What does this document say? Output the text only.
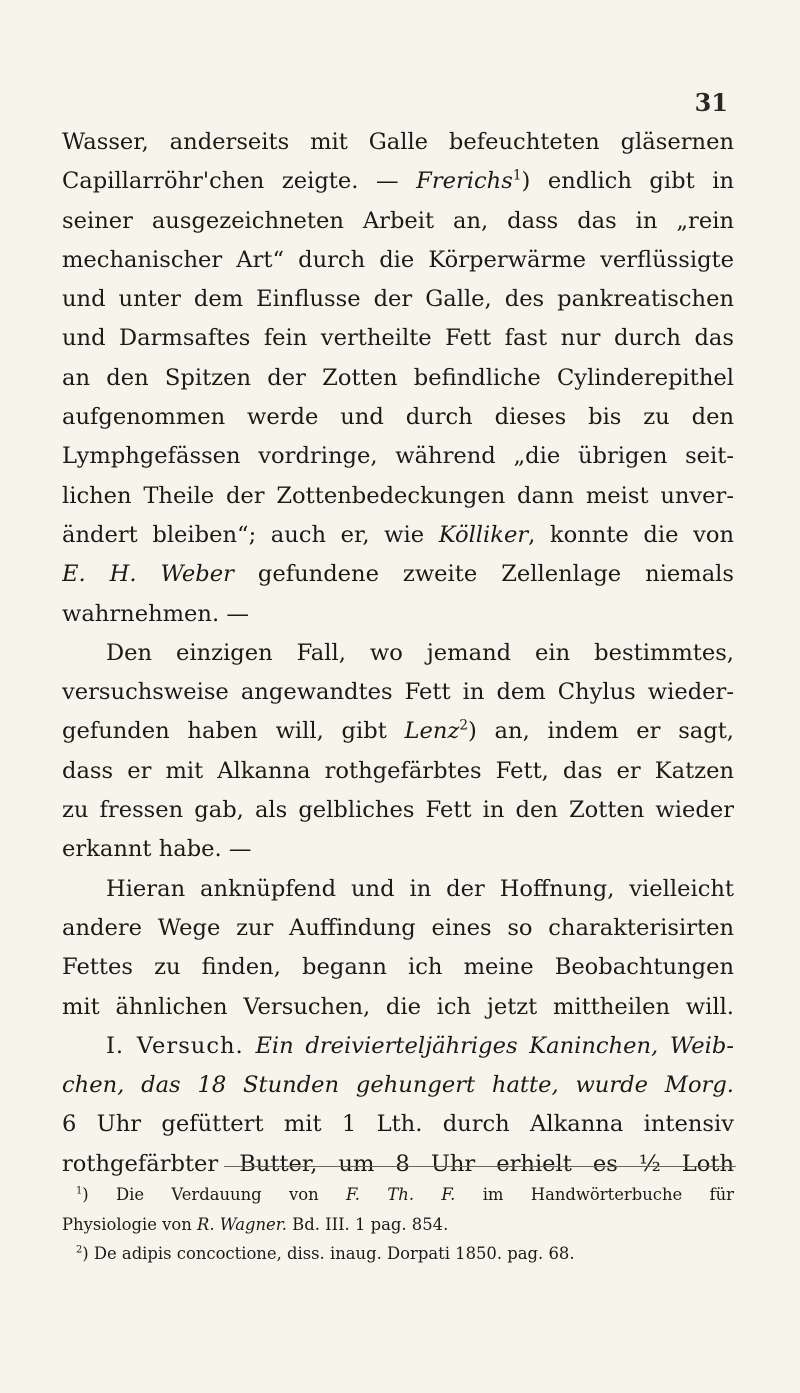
31
Wasser, anderseits mit Galle befeuchteten gläsernen
Capillarröhr'chen zeigte. — Frerichs$^1$) endlich gibt in
seiner ausgezeichneten Arbeit an, dass das in „rein
mechanischer Art“ durch die Körperwärme verflüssigte
und unter dem Einflusse der Galle, des pankreatischen
und Darmsaftes fein vertheilte Fett fast nur durch das
an den Spitzen der Zotten befindliche Cylinderepithel
aufgenommen werde und durch dieses bis zu den
Lymphgefässen vordringe, während „die übrigen seit-
lichen Theile der Zottenbedeckungen dann meist unver-
ändert bleiben“; auch er, wie Kölliker, konnte die von
E. H. Weber gefundene zweite Zellenlage niemals
wahrnehmen. —
Den einzigen Fall, wo jemand ein bestimmtes,
versuchsweise angewandtes Fett in dem Chylus wieder-
gefunden haben will, gibt Lenz$^2$) an, indem er sagt,
dass er mit Alkanna rothgefärbtes Fett, das er Katzen
zu fressen gab, als gelbliches Fett in den Zotten wieder
erkannt habe. —
Hieran anknüpfend und in der Hoffnung, vielleicht
andere Wege zur Auffindung eines so charakterisirten
Fettes zu finden, begann ich meine Beobachtungen
mit ähnlichen Versuchen, die ich jetzt mittheilen will.
I. Versuch. Ein dreivierteljähriges Kaninchen, Weib-
chen, das 18 Stunden gehungert hatte, wurde Morg.
6 Uhr gefüttert mit 1 Lth. durch Alkanna intensiv
rothgefärbter Butter, um 8 Uhr erhielt es ½ Loth
$^1$) Die Verdauung von F. Th. F. im Handwörterbuche für
Physiologie von R. Wagner. Bd. III. 1 pag. 854.
$^2$) De adipis concoctione, diss. inaug. Dorpati 1850. pag. 68.
